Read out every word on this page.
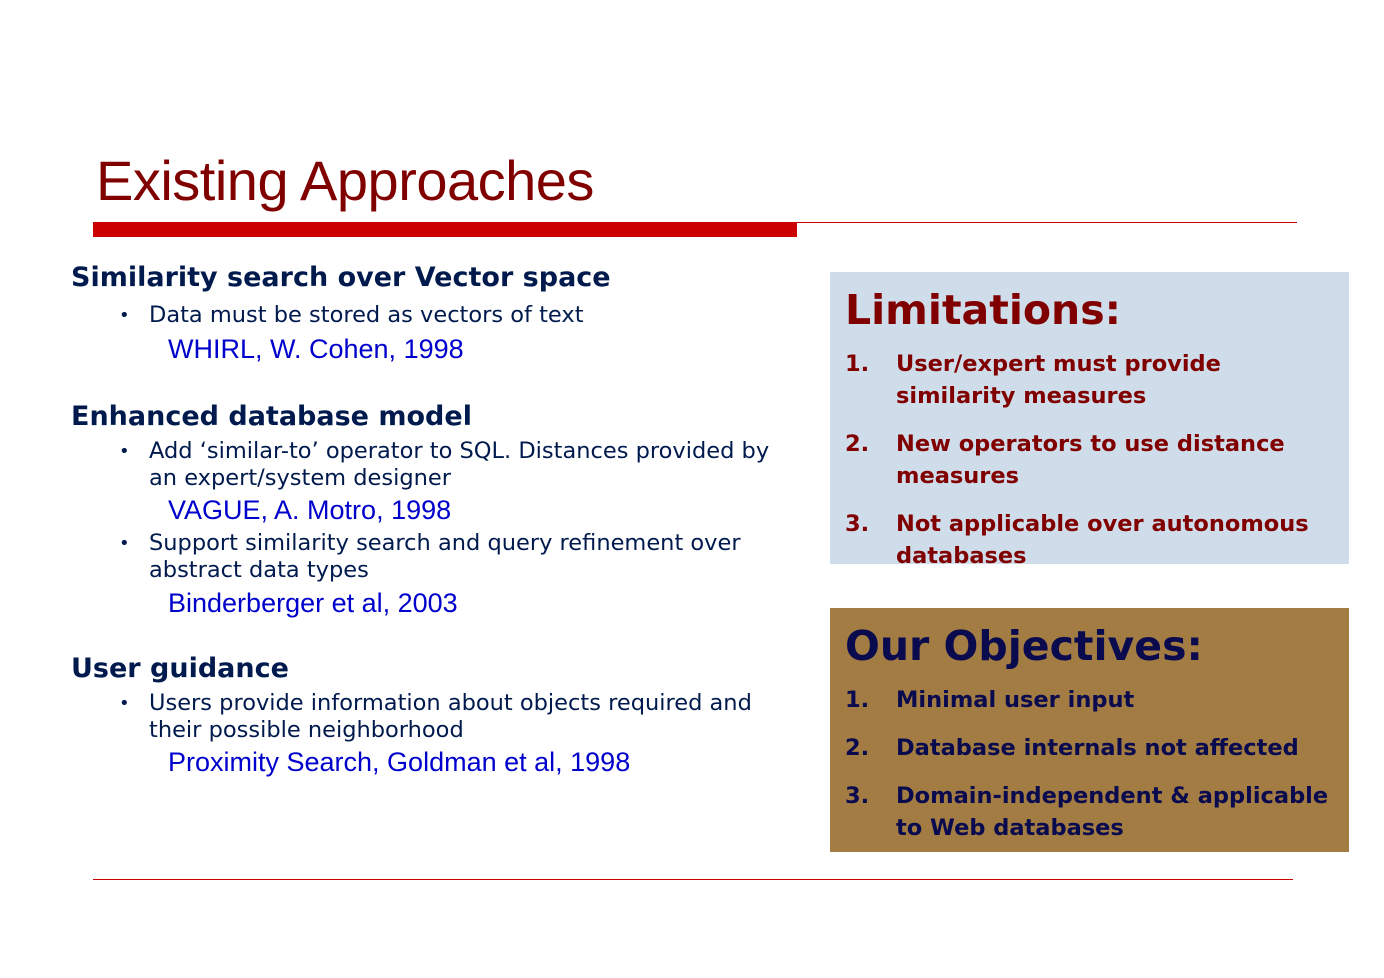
Existing Approaches
Similarity search over Vector space
• Data must be stored as vectors of text
WHIRL, W. Cohen, 1998
Enhanced database model
• Add ‘similar-to’ operator to SQL. Distances provided by an expert/system designer
VAGUE, A. Motro, 1998
• Support similarity search and query refinement over abstract data types
Binderberger et al, 2003
User guidance
• Users provide information about objects required and their possible neighborhood
Proximity Search, Goldman et al, 1998
Limitations:
1. User/expert must provide similarity measures
2. New operators to use distance measures
3. Not applicable over autonomous databases
Our Objectives:
1. Minimal user input
2. Database internals not affected
3. Domain-independent & applicable to Web databases
